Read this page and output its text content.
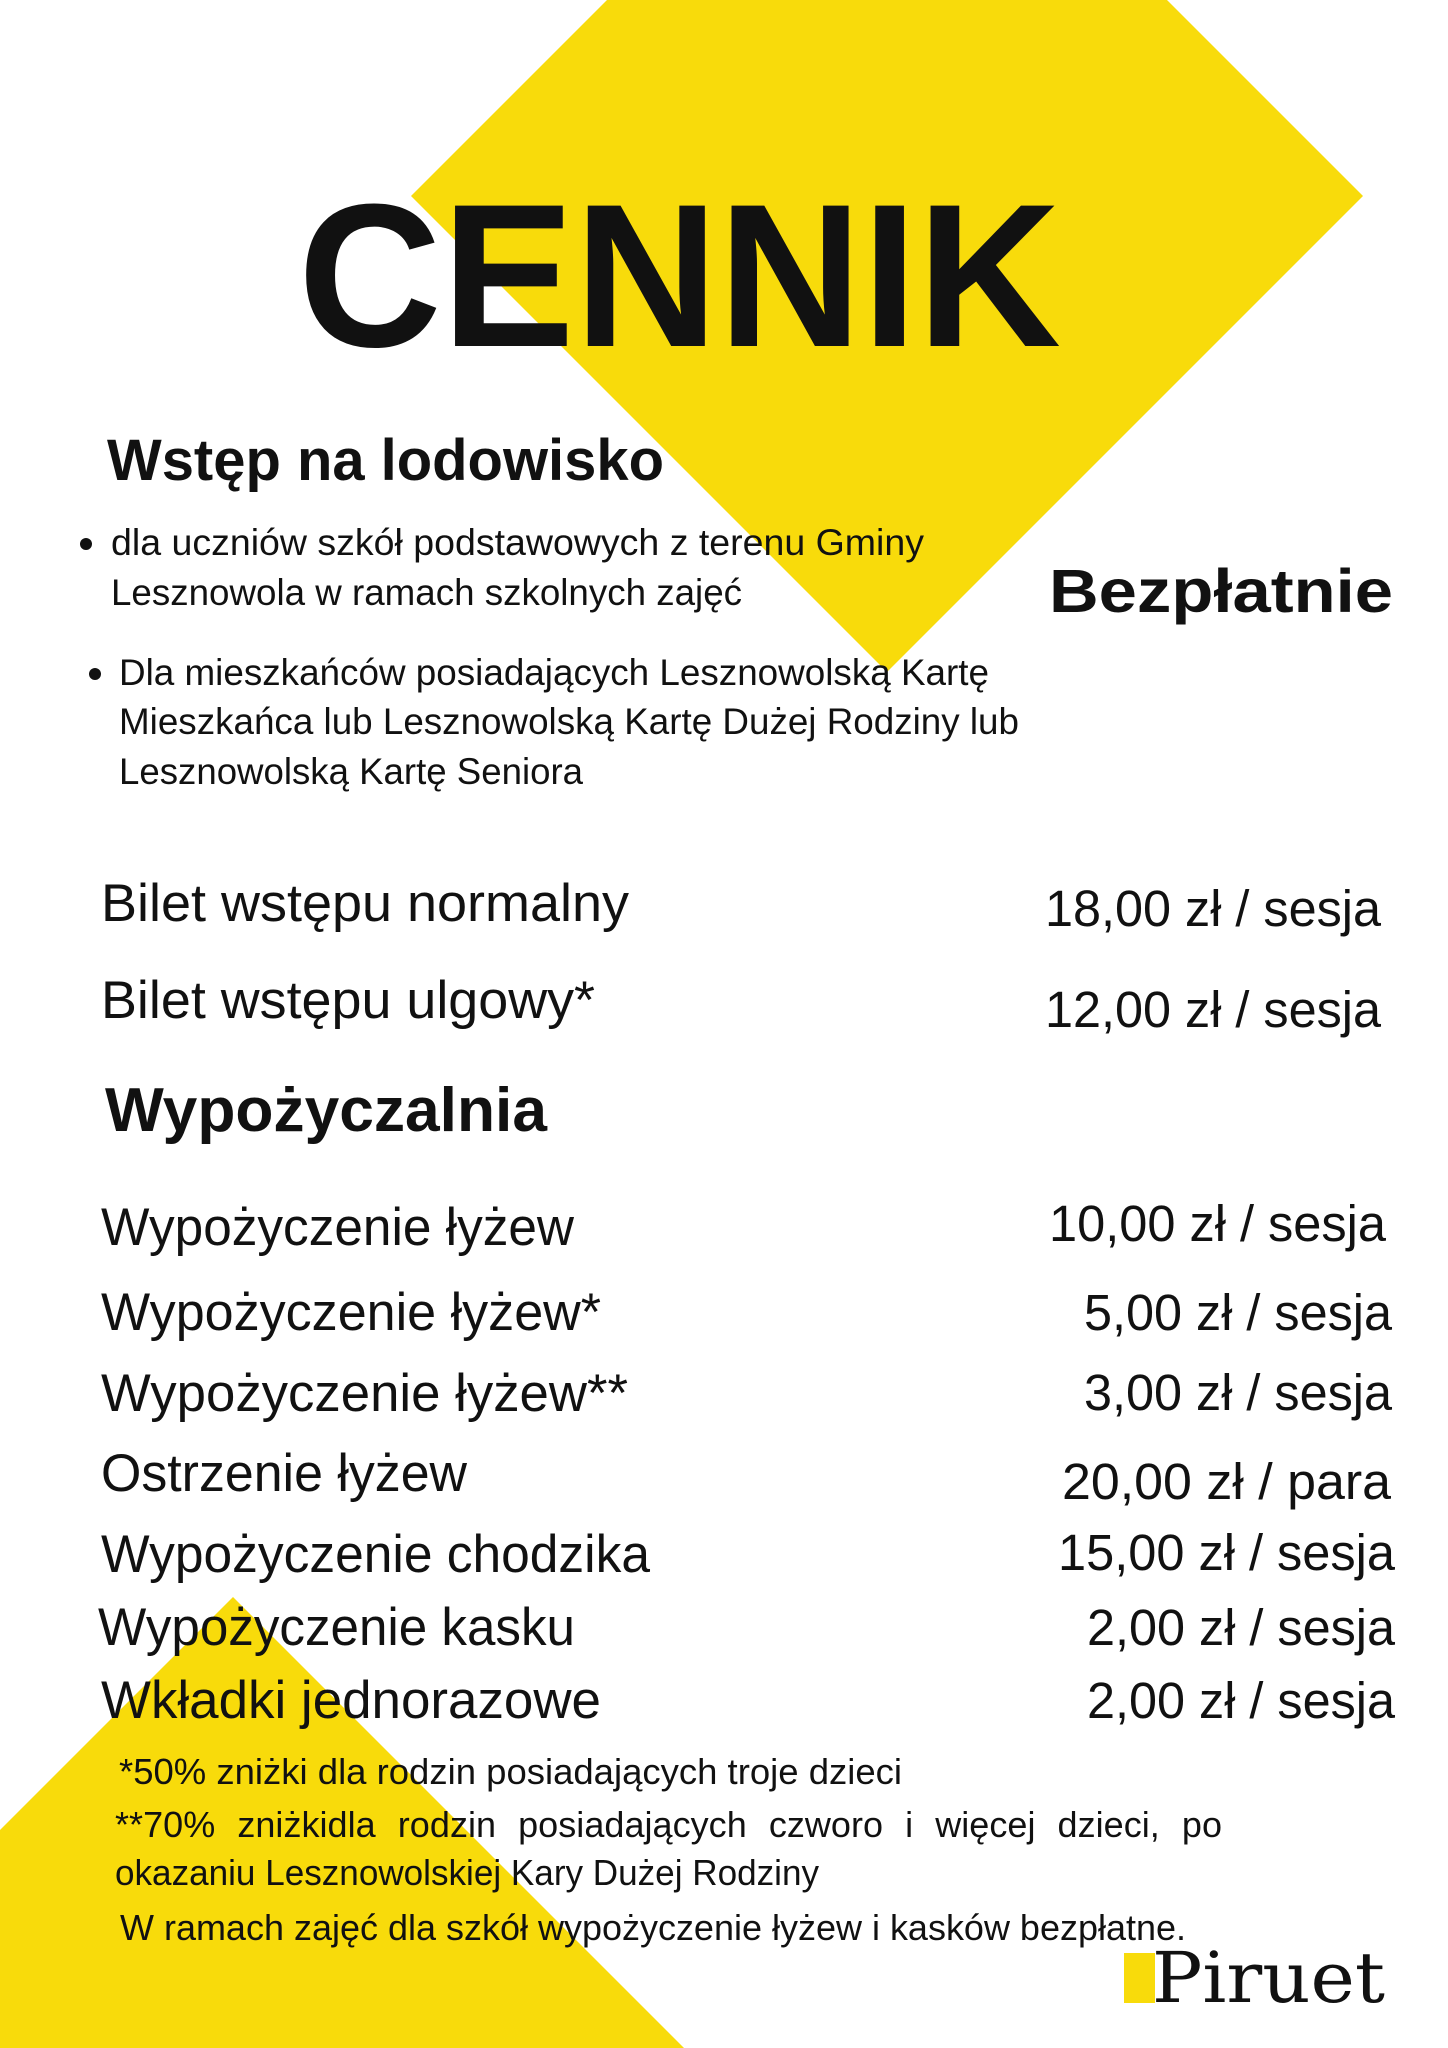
CENNIK
Wstęp na lodowisko
dla uczniów szkół podstawowych z terenu Gminy
Lesznowola w ramach szkolnych zajęć	Bezpłatnie
Dla mieszkańców posiadających Lesznowolską Kartę
Mieszkańca lub Lesznowolską Kartę Dużej Rodziny lub
Lesznowolską Kartę Seniora
Bilet wstępu normalny	18,00 zł / sesja
Bilet wstępu ulgowy*	12,00 zł / sesja
Wypożyczalnia
Wypożyczenie łyżew	10,00 zł / sesja
Wypożyczenie łyżew*	5,00 zł / sesja
Wypożyczenie łyżew**	3,00 zł / sesja
Ostrzenie łyżew	20,00 zł / para
Wypożyczenie chodzika	15,00 zł / sesja
Wypożyczenie kasku	2,00 zł / sesja
Wkładki jednorazowe	2,00 zł / sesja
*50% zniżki dla rodzin posiadających troje dzieci
**70% zniżkidla rodzin posiadających czworo i więcej dzieci, po
okazaniu Lesznowolskiej Kary Dużej Rodziny
W ramach zajęć dla szkół wypożyczenie łyżew i kasków bezpłatne.
Piruet
